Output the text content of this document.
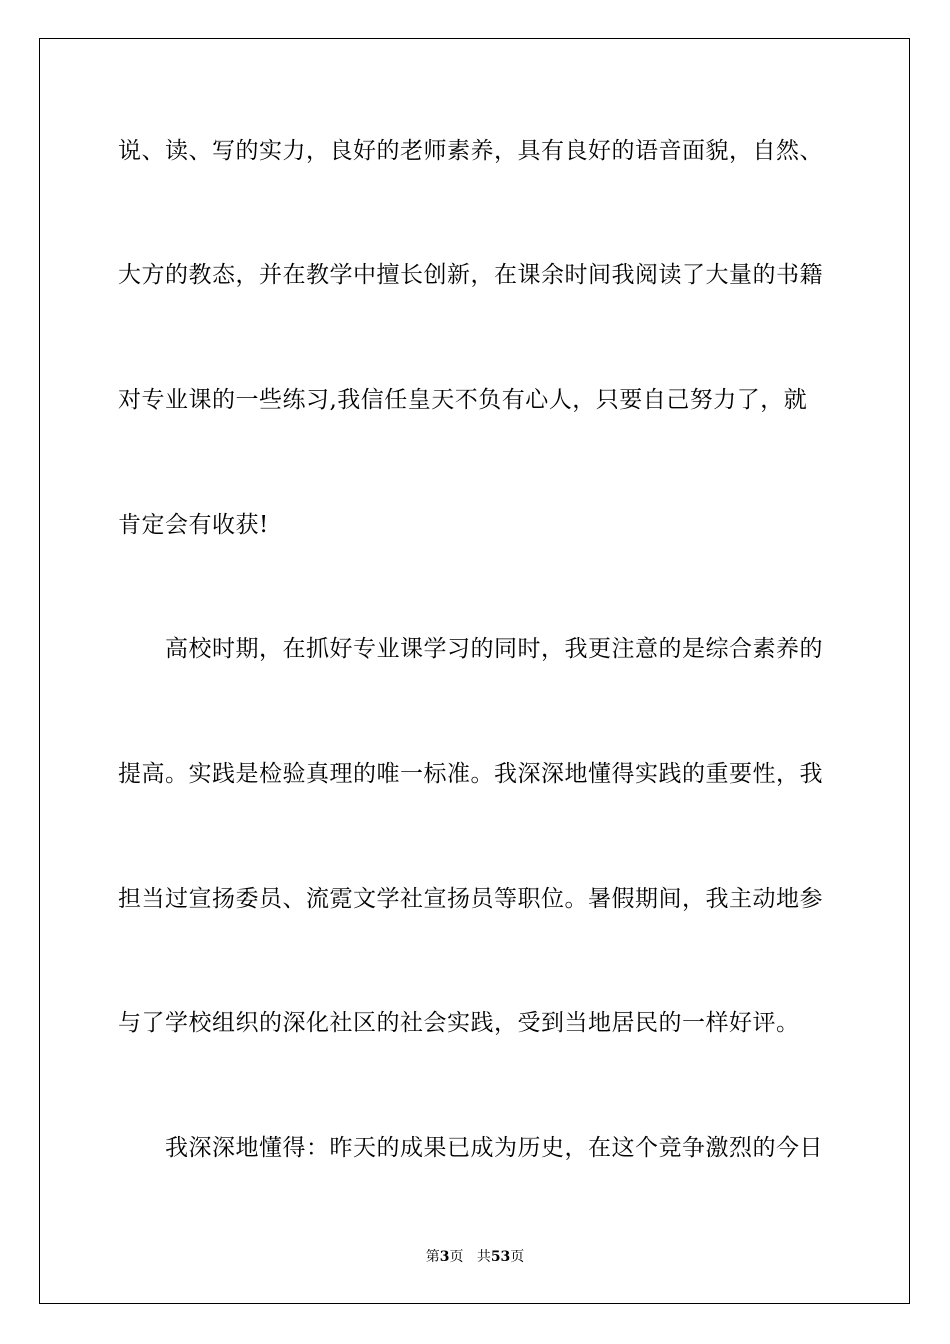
说、读、写的实力，良好的老师素养，具有良好的语音面貌，自然、
大方的教态，并在教学中擅长创新，在课余时间我阅读了大量的书籍
对专业课的一些练习,我信任皇天不负有心人，只要自己努力了，就
肯定会有收获!
高校时期，在抓好专业课学习的同时，我更注意的是综合素养的
提高。实践是检验真理的唯一标准。我深深地懂得实践的重要性，我
担当过宣扬委员、流霓文学社宣扬员等职位。暑假期间，我主动地参
与了学校组织的深化社区的社会实践，受到当地居民的一样好评。
我深深地懂得：昨天的成果已成为历史，在这个竞争激烈的今日
第3页 共53页
